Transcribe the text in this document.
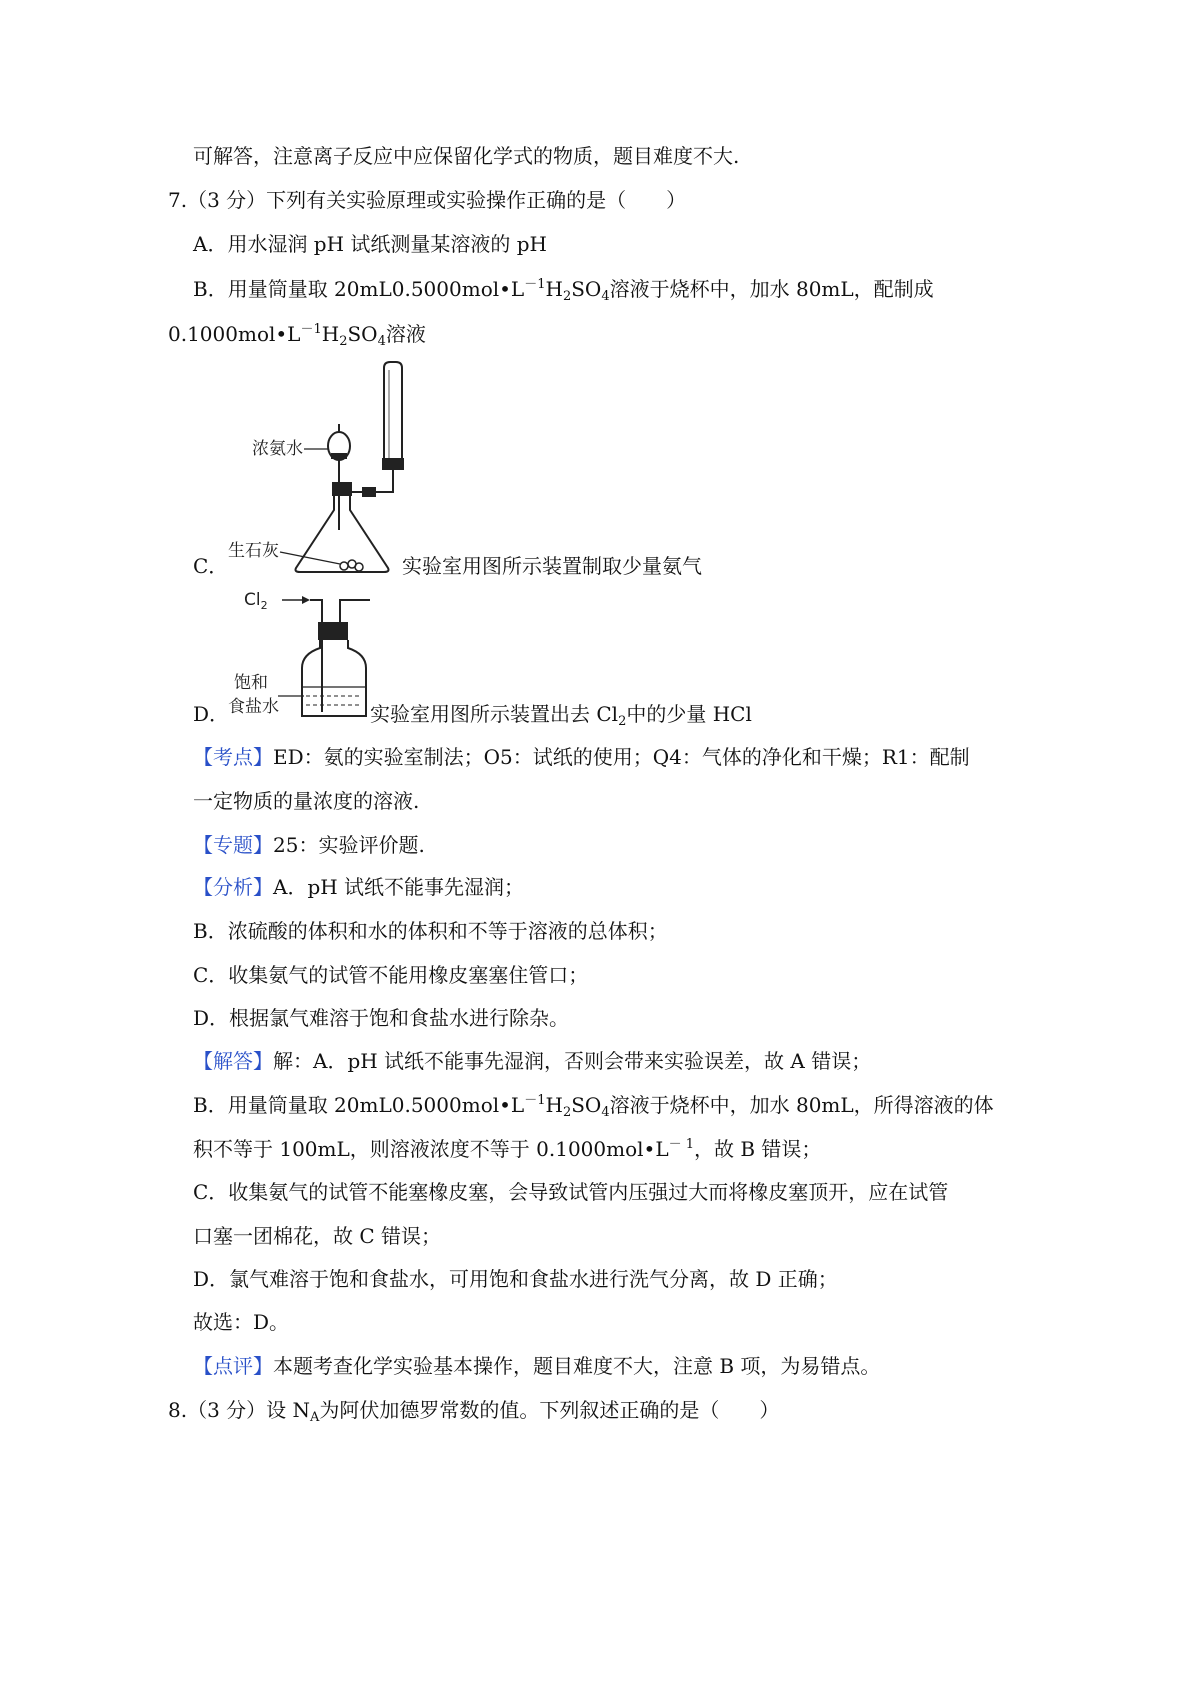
可解答，注意离子反应中应保留化学式的物质，题目难度不大.
7.（3 分）下列有关实验原理或实验操作正确的是（　　）
A．用水湿润 pH 试纸测量某溶液的 pH
B．用量筒量取 $20mL0.5000mol•L^{-1}H_2SO_4$溶液于烧杯中，加水 80mL，配制成
$0.1000mol•L^{-1}H_2SO_4$溶液
浓氨水
生石灰
C．	实验室用图所示装置制取少量氨气
$Cl_2$
饱和
食盐水
D．	实验室用图所示装置出去 $Cl_2$中的少量 HCl
【考点】ED：氨的实验室制法；O5：试纸的使用；Q4：气体的净化和干燥；R1：配制
一定物质的量浓度的溶液.
【专题】25：实验评价题.
【分析】A．pH 试纸不能事先湿润；
B．浓硫酸的体积和水的体积和不等于溶液的总体积；
C．收集氨气的试管不能用橡皮塞塞住管口；
D．根据氯气难溶于饱和食盐水进行除杂。
【解答】解：A．pH 试纸不能事先湿润，否则会带来实验误差，故 A 错误；
B．用量筒量取 $20mL0.5000mol•L^{-1}H_2SO_4$溶液于烧杯中，加水 80mL，所得溶液的体
积不等于 100mL，则溶液浓度不等于 $0.1000mol•L^{- 1}$，故 B 错误；
C．收集氨气的试管不能塞橡皮塞，会导致试管内压强过大而将橡皮塞顶开，应在试管
口塞一团棉花，故 C 错误；
D．氯气难溶于饱和食盐水，可用饱和食盐水进行洗气分离，故 D 正确；
故选：D。
【点评】本题考查化学实验基本操作，题目难度不大，注意 B 项，为易错点。
8.（3 分）设 $N_A$为阿伏加德罗常数的值。下列叙述正确的是（　　）
